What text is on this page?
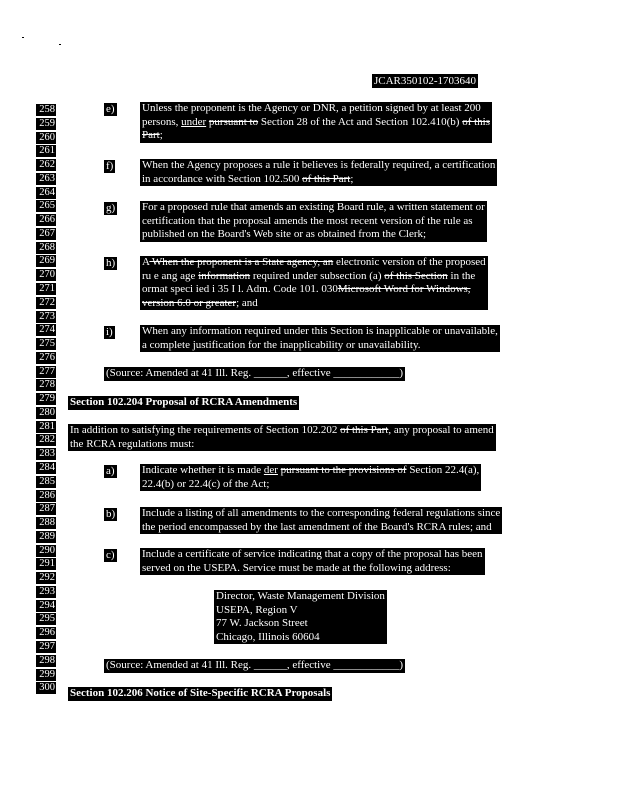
JCAR350102-1703640
258
259
260
261
262
263
264
265
266
267
268
269
270
271
272
273
274
275
276
277
278
279
280
281
282
283
284
285
286
287
288
289
290
291
292
293
294
295
296
297
298
299
300
e) Unless the proponent is the Agency or DNR, a petition signed by at least 200
persons, under pursuant to Section 28 of the Act and Section 102.410(b) of this
Part;
f)	When the Agency proposes a rule it believes is federally required, a certification
in accordance with Section 102.500 of this Part;
g) For a proposed rule that amends an existing Board rule, a written statement or
certification that the proposal amends the most recent version of the rule as
published on the Board's Web site or as obtained from the Clerk;
h) A When the proponent is a State agency, an electronic version of the proposed
ru e ang age information required under subsection (a) of this Section in the
ormat speci ied i 35 I l. Adm. Code 101. 030Microsoft Word for Windows,
version 6.0 or greater; and
i)	When any information required under this Section is inapplicable or unavailable,
a complete justification for the inapplicability or unavailability.
(Source: Amended at 41 Ill. Reg. ______, effective ____________)
Section 102.204 Proposal of RCRA Amendments
In addition to satisfying the requirements of Section 102.202 of this Part, any proposal to amend
the RCRA regulations must:
a) Indicate whether it is made der pursuant to the provisions of Section 22.4(a),
22.4(b) or 22.4(c) of the Act;
b) Include a listing of all amendments to the corresponding federal regulations since
the period encompassed by the last amendment of the Board's RCRA rules; and
c) Include a certificate of service indicating that a copy of the proposal has been
served on the USEPA. Service must be made at the following address:
Director, Waste Management Division
USEPA, Region V
77 W. Jackson Street
Chicago, Illinois 60604
(Source: Amended at 41 Ill. Reg. ______, effective ____________)
Section 102.206 Notice of Site-Specific RCRA Proposals
